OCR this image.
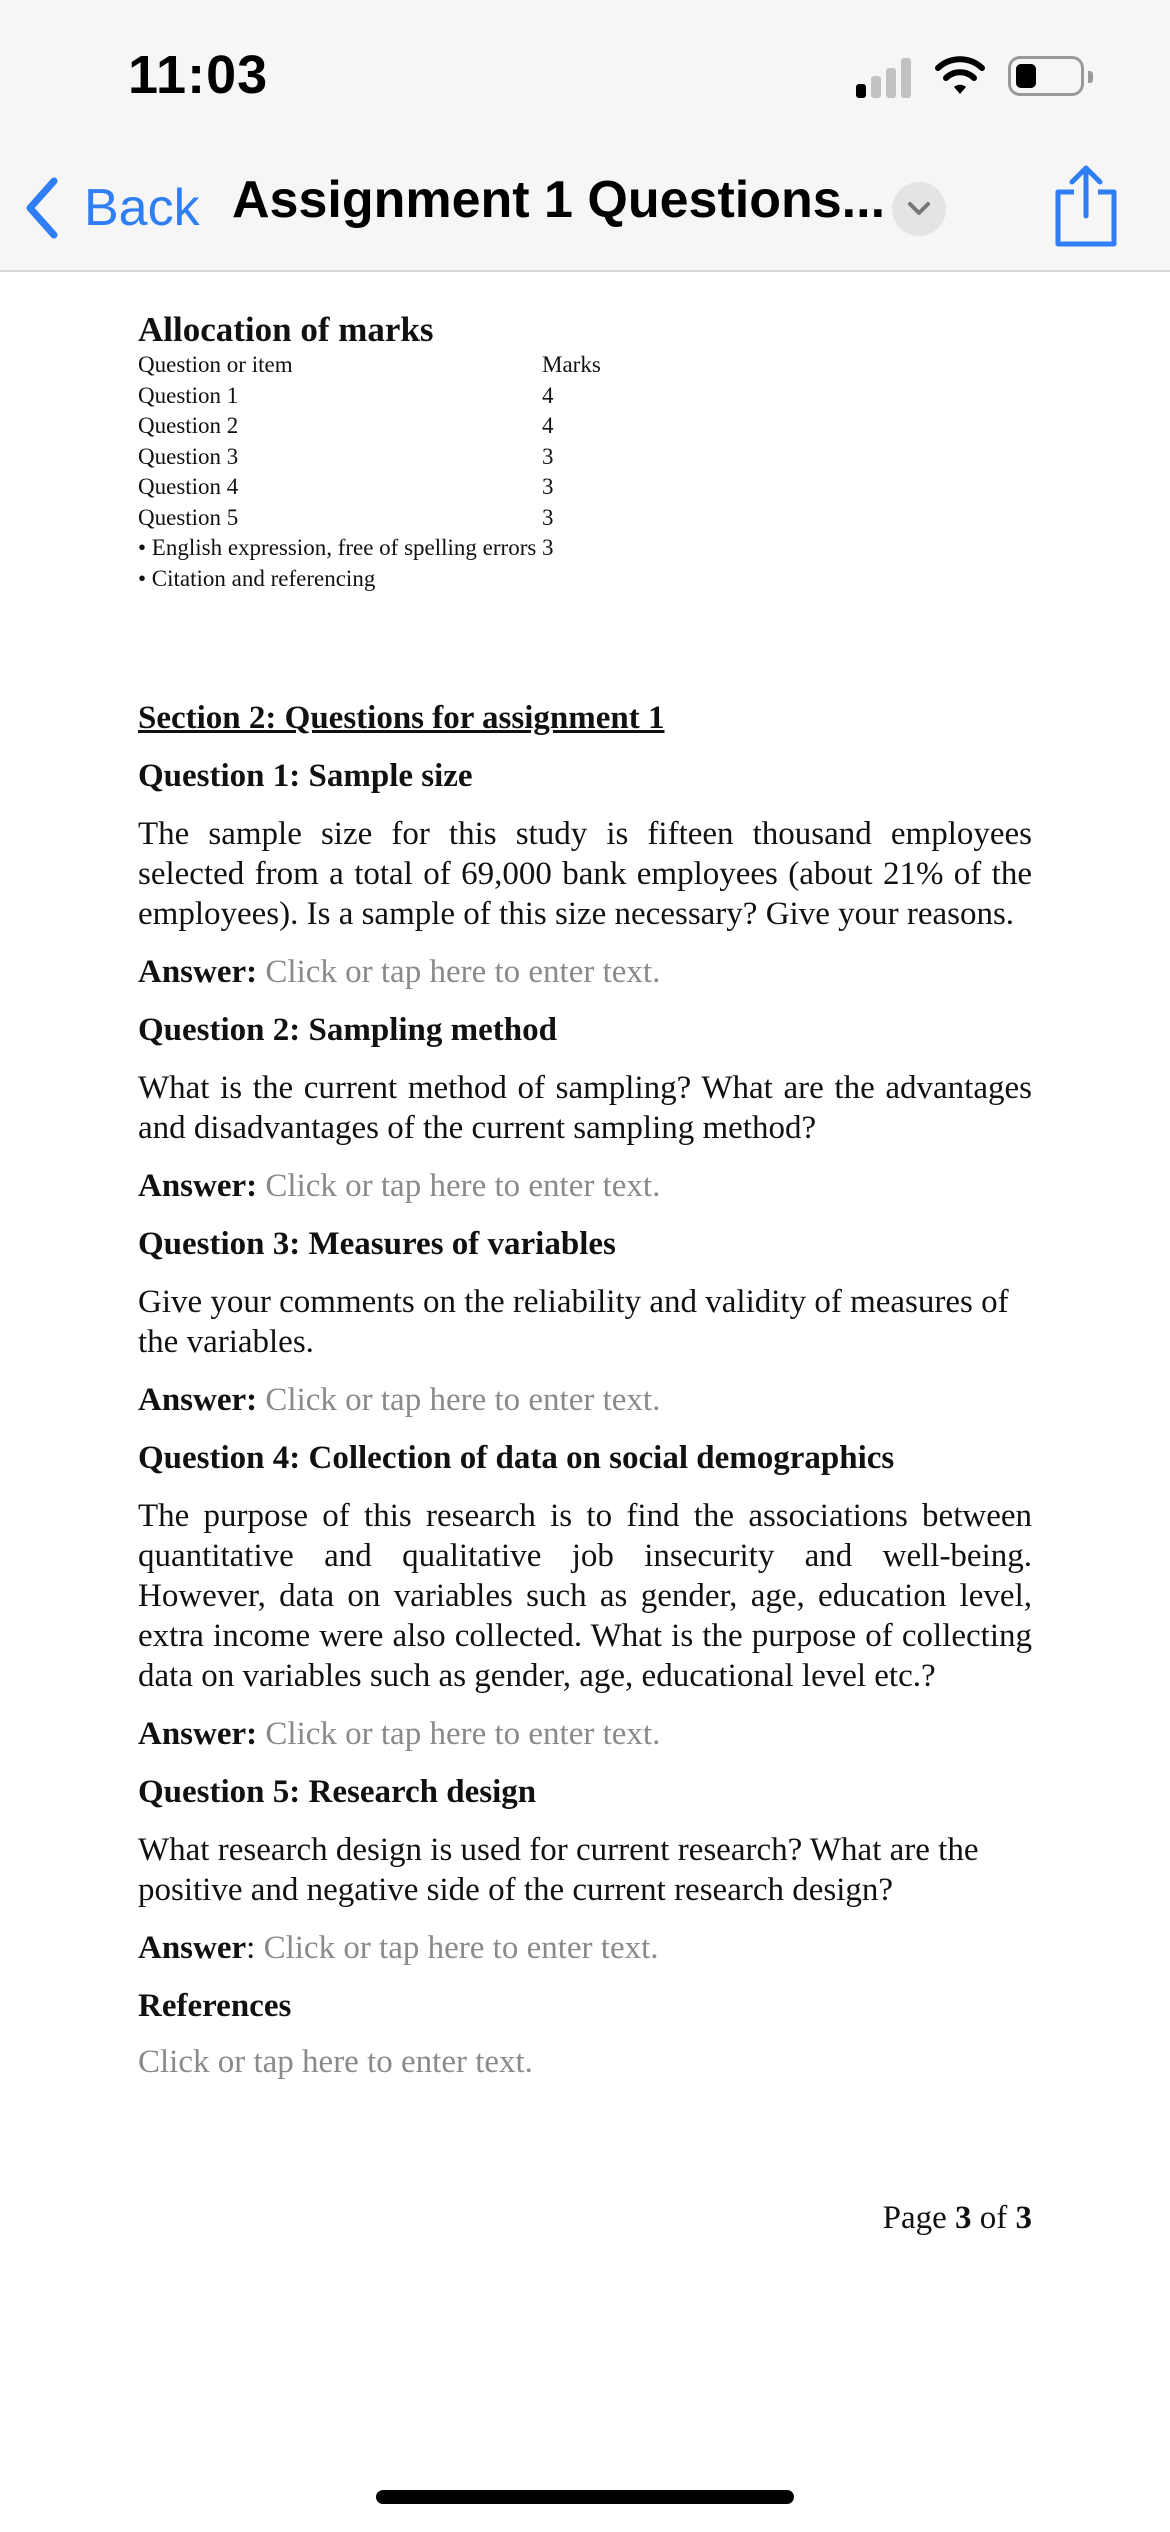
11:03
Back Assignment 1 Questions...
Allocation of marks
Question or item	Marks
Question 1	4
Question 2	4
Question 3	3
Question 4	3
Question 5	3
• English expression, free of spelling errors 3
• Citation and referencing
Section 2: Questions for assignment 1
Question 1: Sample size
The sample size for this study is fifteen thousand employees selected from a total of 69,000 bank employees (about 21% of the employees). Is a sample of this size necessary? Give your reasons.
Answer: Click or tap here to enter text.
Question 2: Sampling method
What is the current method of sampling? What are the advantages and disadvantages of the current sampling method?
Answer: Click or tap here to enter text.
Question 3: Measures of variables
Give your comments on the reliability and validity of measures of the variables.
Answer: Click or tap here to enter text.
Question 4: Collection of data on social demographics
The purpose of this research is to find the associations between quantitative and qualitative job insecurity and well-being. However, data on variables such as gender, age, education level, extra income were also collected. What is the purpose of collecting data on variables such as gender, age, educational level etc.?
Answer: Click or tap here to enter text.
Question 5: Research design
What research design is used for current research? What are the positive and negative side of the current research design?
Answer: Click or tap here to enter text.
References
Click or tap here to enter text.
Page 3 of 3
